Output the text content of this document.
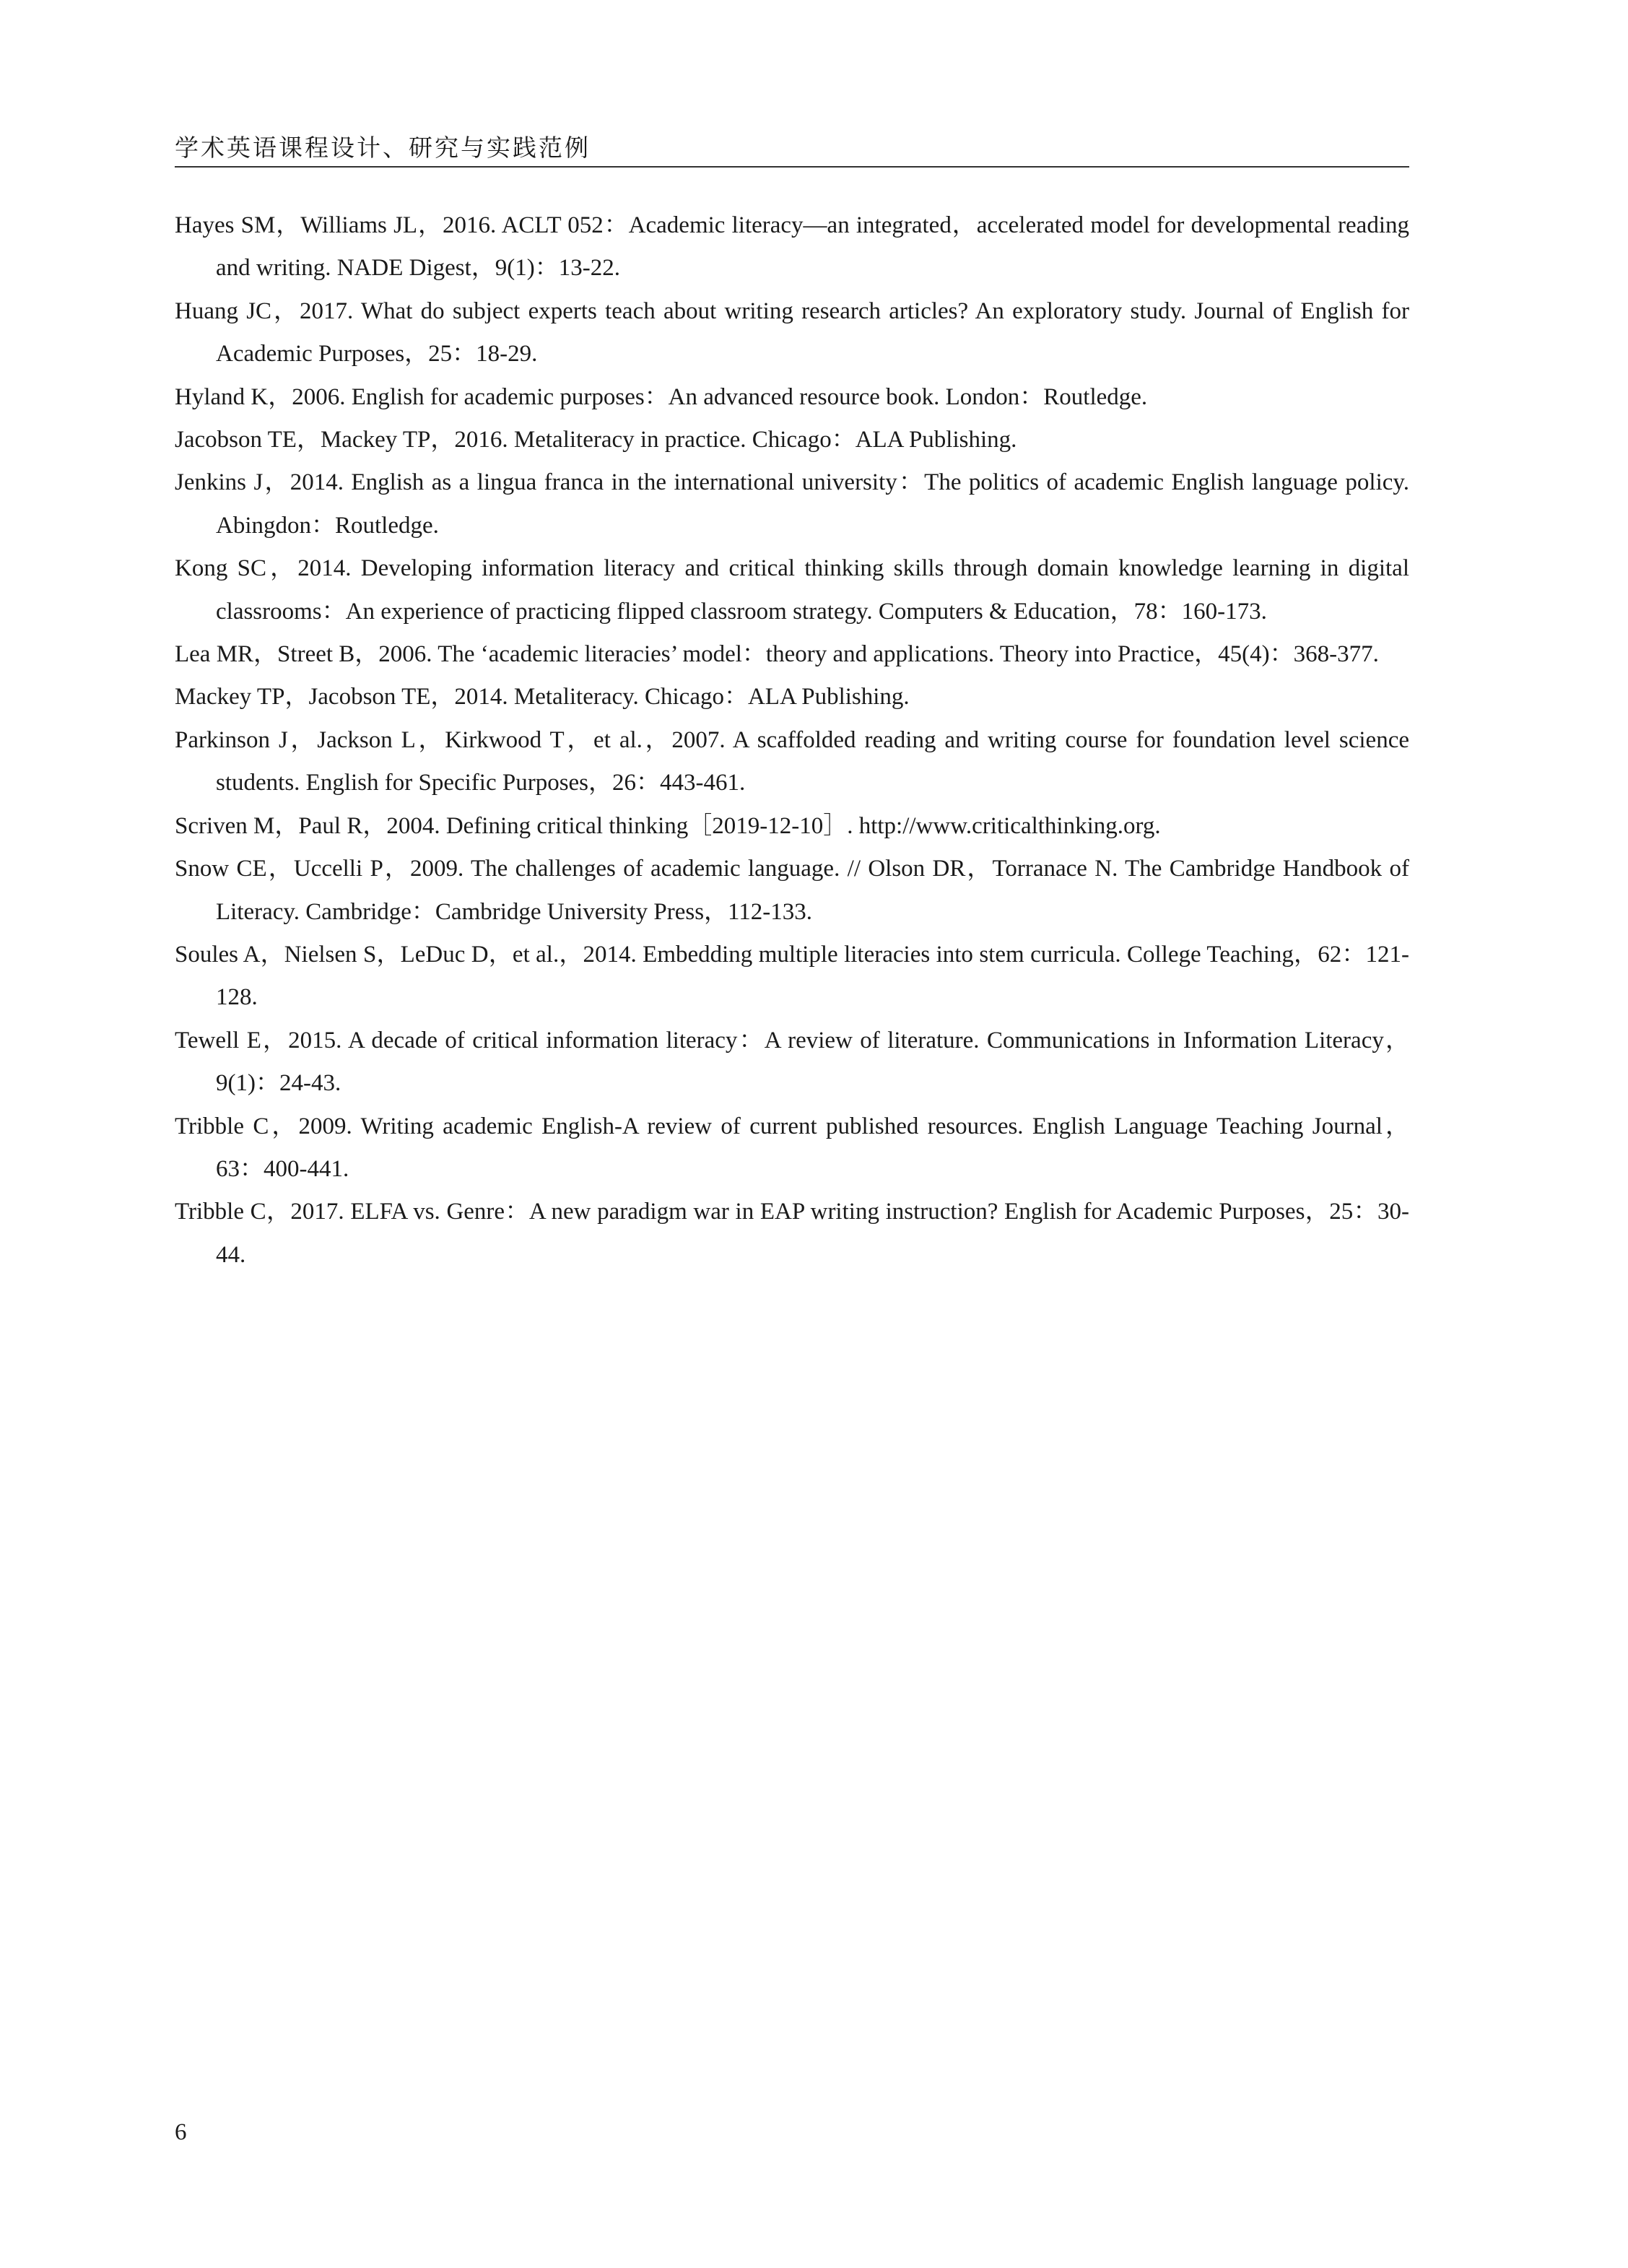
学术英语课程设计、研究与实践范例
Hayes SM，Williams JL，2016. ACLT 052：Academic literacy—an integrated，accelerated model for developmental reading and writing. NADE Digest，9(1)：13-22.
Huang JC，2017. What do subject experts teach about writing research articles? An exploratory study. Journal of English for Academic Purposes，25：18-29.
Hyland K，2006. English for academic purposes：An advanced resource book. London：Routledge.
Jacobson TE，Mackey TP，2016. Metaliteracy in practice. Chicago：ALA Publishing.
Jenkins J，2014. English as a lingua franca in the international university：The politics of academic English language policy. Abingdon：Routledge.
Kong SC，2014. Developing information literacy and critical thinking skills through domain knowledge learning in digital classrooms：An experience of practicing flipped classroom strategy. Computers & Education，78：160-173.
Lea MR，Street B，2006. The ‘academic literacies’ model：theory and applications. Theory into Practice，45(4)：368-377.
Mackey TP，Jacobson TE，2014. Metaliteracy. Chicago：ALA Publishing.
Parkinson J，Jackson L，Kirkwood T，et al.，2007. A scaffolded reading and writing course for foundation level science students. English for Specific Purposes，26：443-461.
Scriven M，Paul R，2004. Defining critical thinking［2019-12-10］. http://www.criticalthinking.org.
Snow CE，Uccelli P，2009. The challenges of academic language. // Olson DR，Torranace N. The Cambridge Handbook of Literacy. Cambridge：Cambridge University Press，112-133.
Soules A，Nielsen S，LeDuc D，et al.，2014. Embedding multiple literacies into stem curricula. College Teaching，62：121-128.
Tewell E，2015. A decade of critical information literacy：A review of literature. Communications in Information Literacy，9(1)：24-43.
Tribble C，2009. Writing academic English-A review of current published resources. English Language Teaching Journal，63：400-441.
Tribble C，2017. ELFA vs. Genre：A new paradigm war in EAP writing instruction? English for Academic Purposes，25：30-44.
6
